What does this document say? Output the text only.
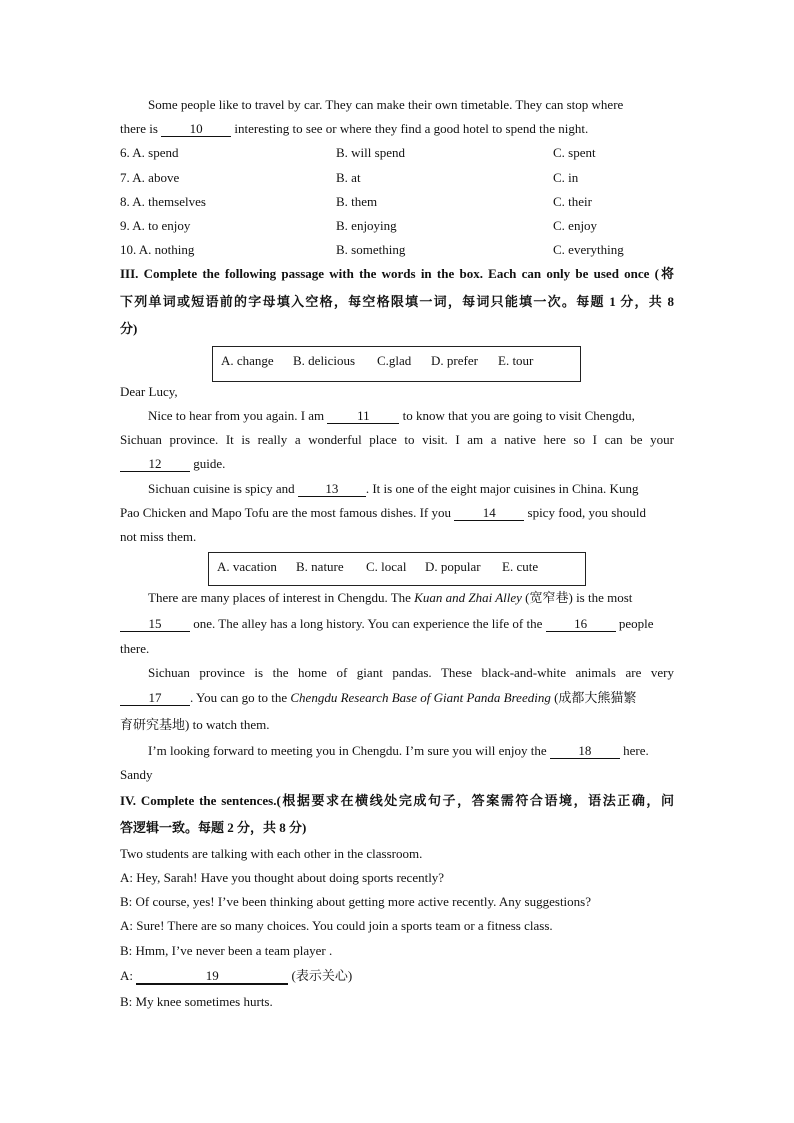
Some people like to travel by car. They can make their own timetable. They can stop where
there is 10 interesting to see or where they find a good hotel to spend the night.
6. A. spend	B. will spend	C. spent
7. A. above	B. at	C. in
8. A. themselves	B. them	C. their
9. A. to enjoy	B. enjoying	C. enjoy
10. A. nothing	B. something	C. everything
III. Complete the following passage with the words in the box. Each can only be used once (将
下列单词或短语前的字母填入空格，每空格限填一词，每词只能填一次。每题 1 分，共 8
分)
A. change B. delicious C.glad D. prefer E. tour
Dear Lucy,
Nice to hear from you again. I am 11 to know that you are going to visit Chengdu,
Sichuan province. It is really a wonderful place to visit. I am a native here so I can be your
12 guide.
Sichuan cuisine is spicy and 13 . It is one of the eight major cuisines in China. Kung
Pao Chicken and Mapo Tofu are the most famous dishes. If you 14 spicy food, you should
not miss them.
A. vacation B. nature C. local D. popular E. cute
There are many places of interest in Chengdu. The Kuan and Zhai Alley (宽窄巷) is the most
15 one. The alley has a long history. You can experience the life of the 16 people
there.
Sichuan province is the home of giant pandas. These black-and-white animals are very
17 . You can go to the Chengdu Research Base of Giant Panda Breeding (成都大熊猫繁
育研究基地) to watch them.
I’m looking forward to meeting you in Chengdu. I’m sure you will enjoy the 18 here.
Sandy
IV. Complete the sentences.(根据要求在横线处完成句子，答案需符合语境，语法正确，问
答逻辑一致。每题 2 分，共 8 分)
Two students are talking with each other in the classroom.
A: Hey, Sarah! Have you thought about doing sports recently?
B: Of course, yes! I’ve been thinking about getting more active recently. Any suggestions?
A: Sure! There are so many choices. You could join a sports team or a fitness class.
B: Hmm, I’ve never been a team player .
A:	19	(表示关心)
B: My knee sometimes hurts.
